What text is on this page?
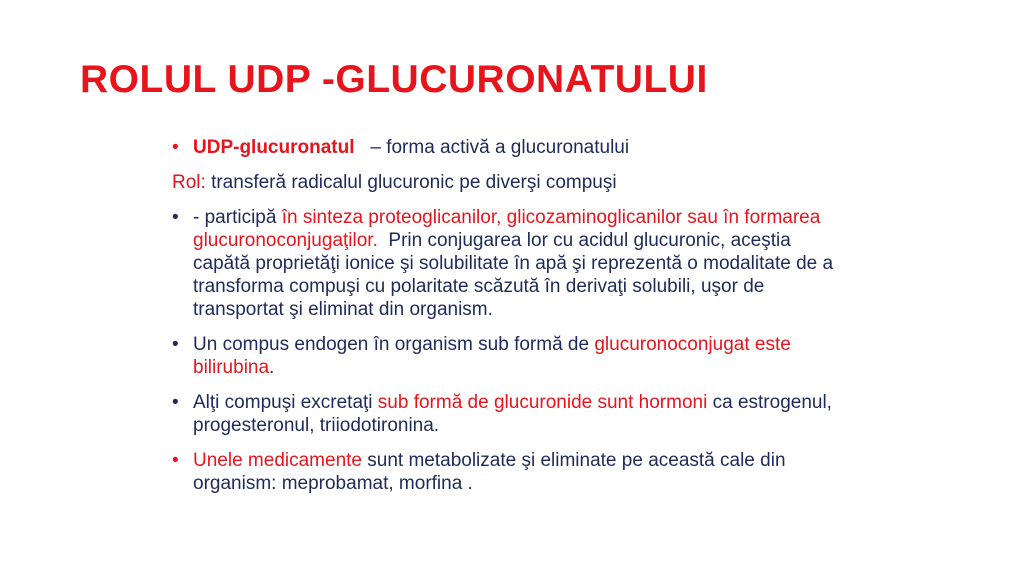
ROLUL UDP -GLUCURONATULUI
• UDP-glucuronatul – forma activă a glucuronatului
Rol: transferă radicalul glucuronic pe diverşi compuşi
• - participă în sinteza proteoglicanilor, glicozaminoglicanilor sau în formarea glucuronoconjugaţilor.  Prin conjugarea lor cu acidul glucuronic, aceştia capătă proprietăţi ionice şi solubilitate în apă şi reprezentă o modalitate de a transforma compuşi cu polaritate scăzută în derivaţi solubili, uşor de transportat şi eliminat din organism.
• Un compus endogen în organism sub formă de glucuronoconjugat este bilirubina.
• Alţi compuşi excretaţi sub formă de glucuronide sunt hormoni ca estrogenul, progesteronul, triiodotironina.
• Unele medicamente sunt metabolizate şi eliminate pe această cale din organism: meprobamat, morfina .
